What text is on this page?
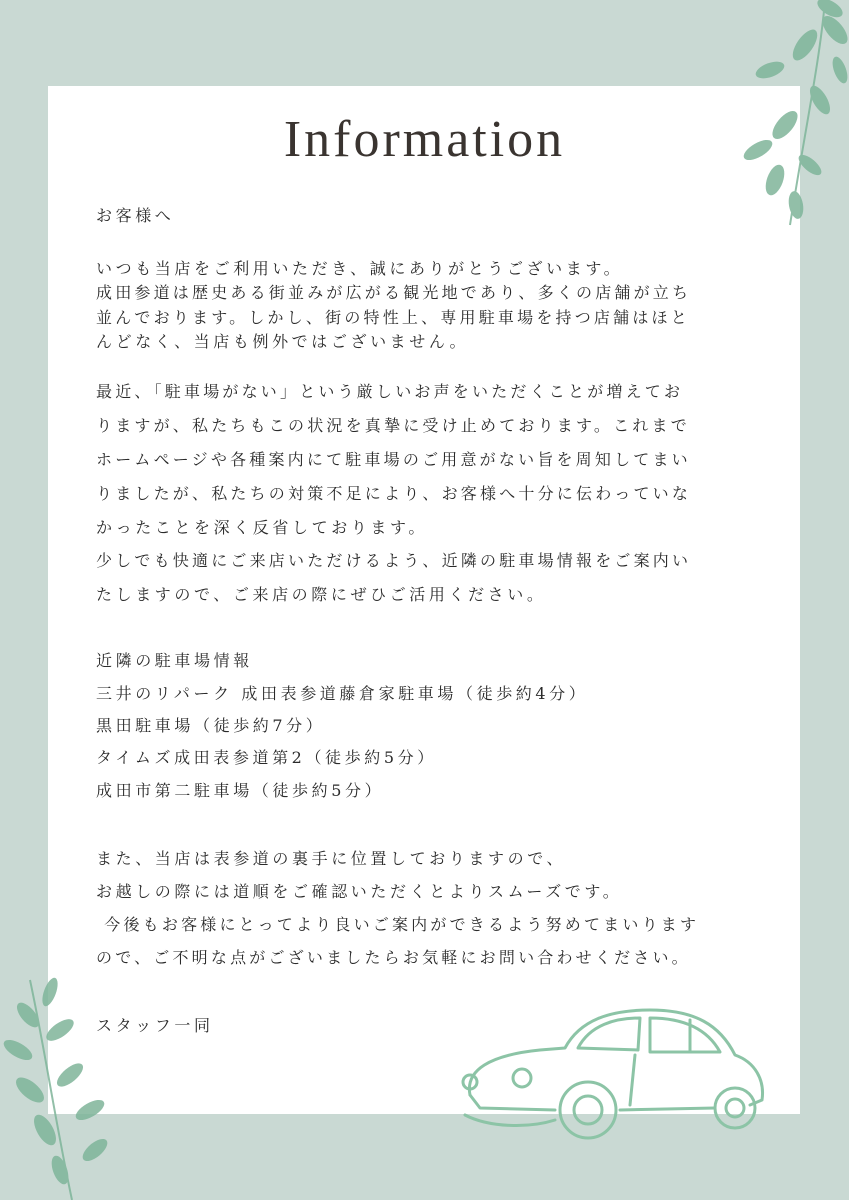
Information
お客様へ
いつも当店をご利用いただき、誠にありがとうございます。
成田参道は歴史ある街並みが広がる観光地であり、多くの店舗が立ち
並んでおります。しかし、街の特性上、専用駐車場を持つ店舗はほと
んどなく、当店も例外ではございません。
最近、「駐車場がない」という厳しいお声をいただくことが増えてお
りますが、私たちもこの状況を真摯に受け止めております。これまで
ホームページや各種案内にて駐車場のご用意がない旨を周知してまい
りましたが、私たちの対策不足により、お客様へ十分に伝わっていな
かったことを深く反省しております。
少しでも快適にご来店いただけるよう、近隣の駐車場情報をご案内い
たしますので、ご来店の際にぜひご活用ください。
近隣の駐車場情報
三井のリパーク 成田表参道藤倉家駐車場（徒歩約4分）
黒田駐車場（徒歩約7分）
タイムズ成田表参道第2（徒歩約5分）
成田市第二駐車場（徒歩約5分）
また、当店は表参道の裏手に位置しておりますので、
お越しの際には道順をご確認いただくとよりスムーズです。
今後もお客様にとってより良いご案内ができるよう努めてまいります
ので、ご不明な点がございましたらお気軽にお問い合わせください。
スタッフ一同
